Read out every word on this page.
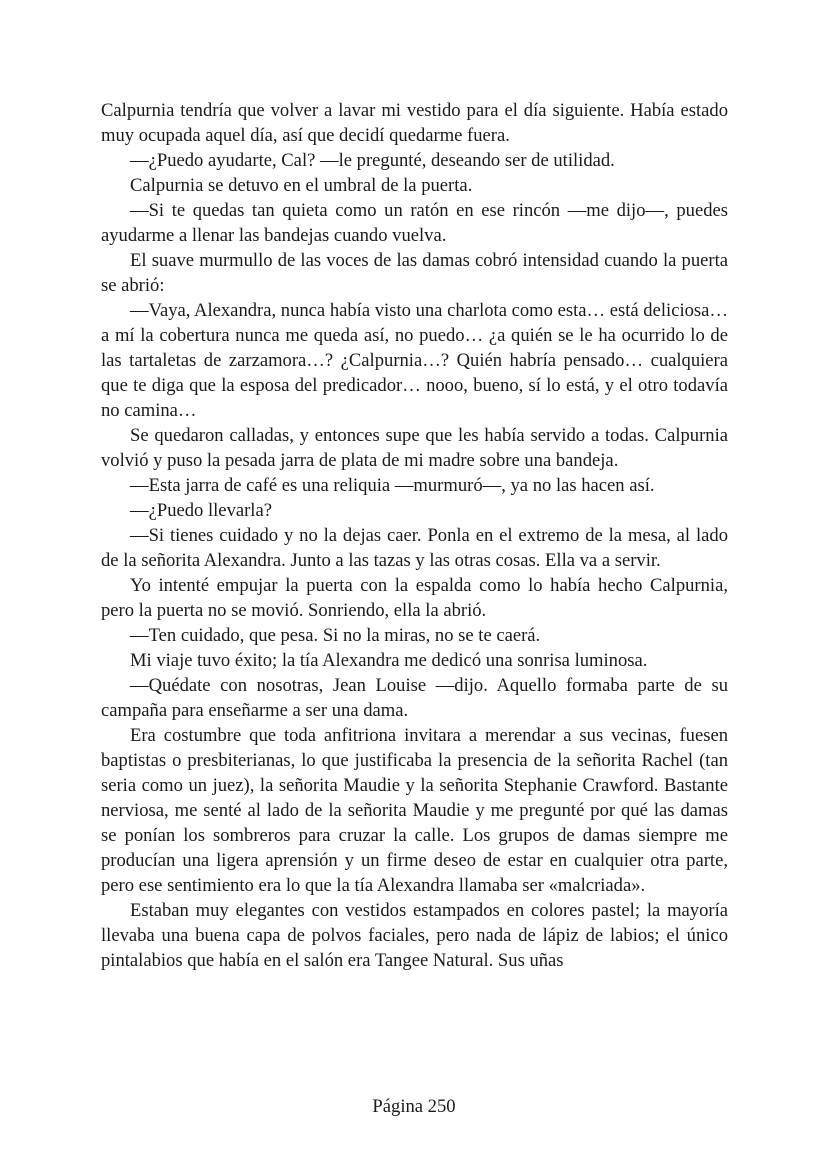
Calpurnia tendría que volver a lavar mi vestido para el día siguiente. Había estado muy ocupada aquel día, así que decidí quedarme fuera.

—¿Puedo ayudarte, Cal? —le pregunté, deseando ser de utilidad.

Calpurnia se detuvo en el umbral de la puerta.

—Si te quedas tan quieta como un ratón en ese rincón —me dijo—, puedes ayudarme a llenar las bandejas cuando vuelva.

El suave murmullo de las voces de las damas cobró intensidad cuando la puerta se abrió:

—Vaya, Alexandra, nunca había visto una charlota como esta… está deliciosa… a mí la cobertura nunca me queda así, no puedo… ¿a quién se le ha ocurrido lo de las tartaletas de zarzamora…? ¿Calpurnia…? Quién habría pensado… cualquiera que te diga que la esposa del predicador… nooo, bueno, sí lo está, y el otro todavía no camina…

Se quedaron calladas, y entonces supe que les había servido a todas. Calpurnia volvió y puso la pesada jarra de plata de mi madre sobre una bandeja.

—Esta jarra de café es una reliquia —murmuró—, ya no las hacen así.

—¿Puedo llevarla?

—Si tienes cuidado y no la dejas caer. Ponla en el extremo de la mesa, al lado de la señorita Alexandra. Junto a las tazas y las otras cosas. Ella va a servir.

Yo intenté empujar la puerta con la espalda como lo había hecho Calpurnia, pero la puerta no se movió. Sonriendo, ella la abrió.

—Ten cuidado, que pesa. Si no la miras, no se te caerá.

Mi viaje tuvo éxito; la tía Alexandra me dedicó una sonrisa luminosa.

—Quédate con nosotras, Jean Louise —dijo. Aquello formaba parte de su campaña para enseñarme a ser una dama.

Era costumbre que toda anfitriona invitara a merendar a sus vecinas, fuesen baptistas o presbiterianas, lo que justificaba la presencia de la señorita Rachel (tan seria como un juez), la señorita Maudie y la señorita Stephanie Crawford. Bastante nerviosa, me senté al lado de la señorita Maudie y me pregunté por qué las damas se ponían los sombreros para cruzar la calle. Los grupos de damas siempre me producían una ligera aprensión y un firme deseo de estar en cualquier otra parte, pero ese sentimiento era lo que la tía Alexandra llamaba ser «malcriada».

Estaban muy elegantes con vestidos estampados en colores pastel; la mayoría llevaba una buena capa de polvos faciales, pero nada de lápiz de labios; el único pintalabios que había en el salón era Tangee Natural. Sus uñas

Página 250
